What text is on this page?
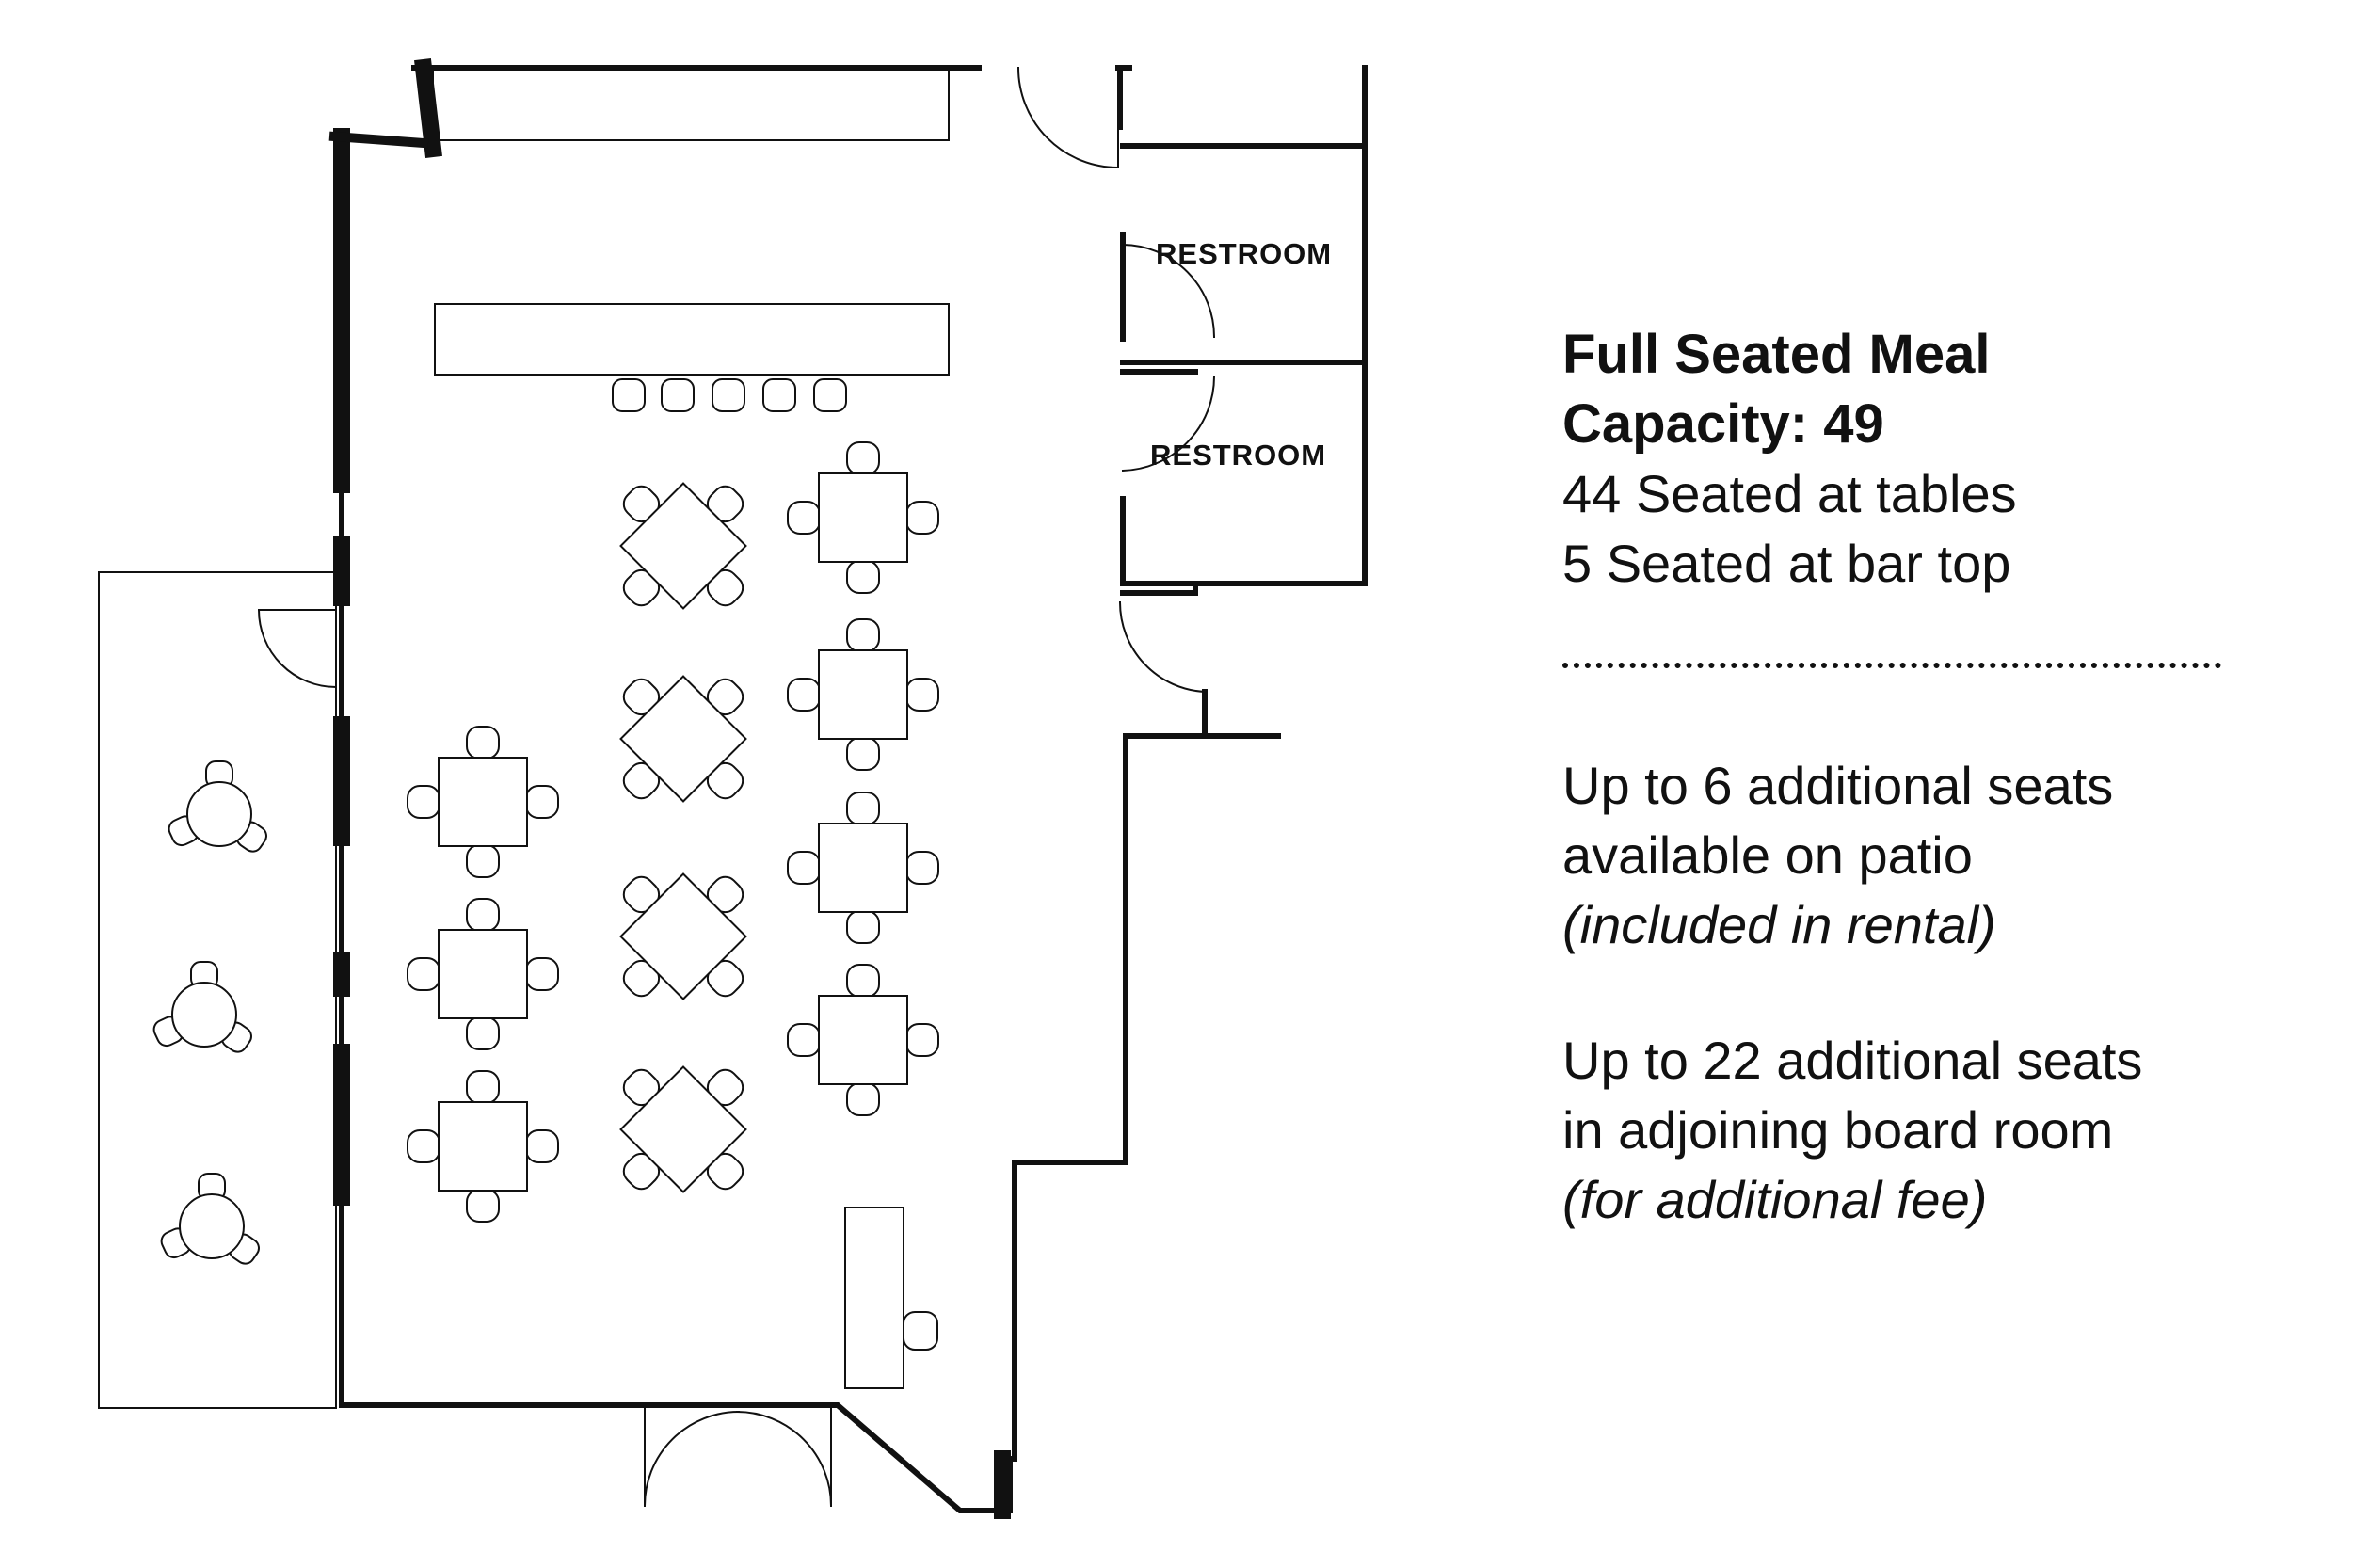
RESTROOM
RESTROOM
Full Seated Meal
Capacity: 49
44 Seated at tables
5 Seated at bar top
Up to 6 additional seats
available on patio
(included in rental)
Up to 22 additional seats
in adjoining board room
(for additional fee)
